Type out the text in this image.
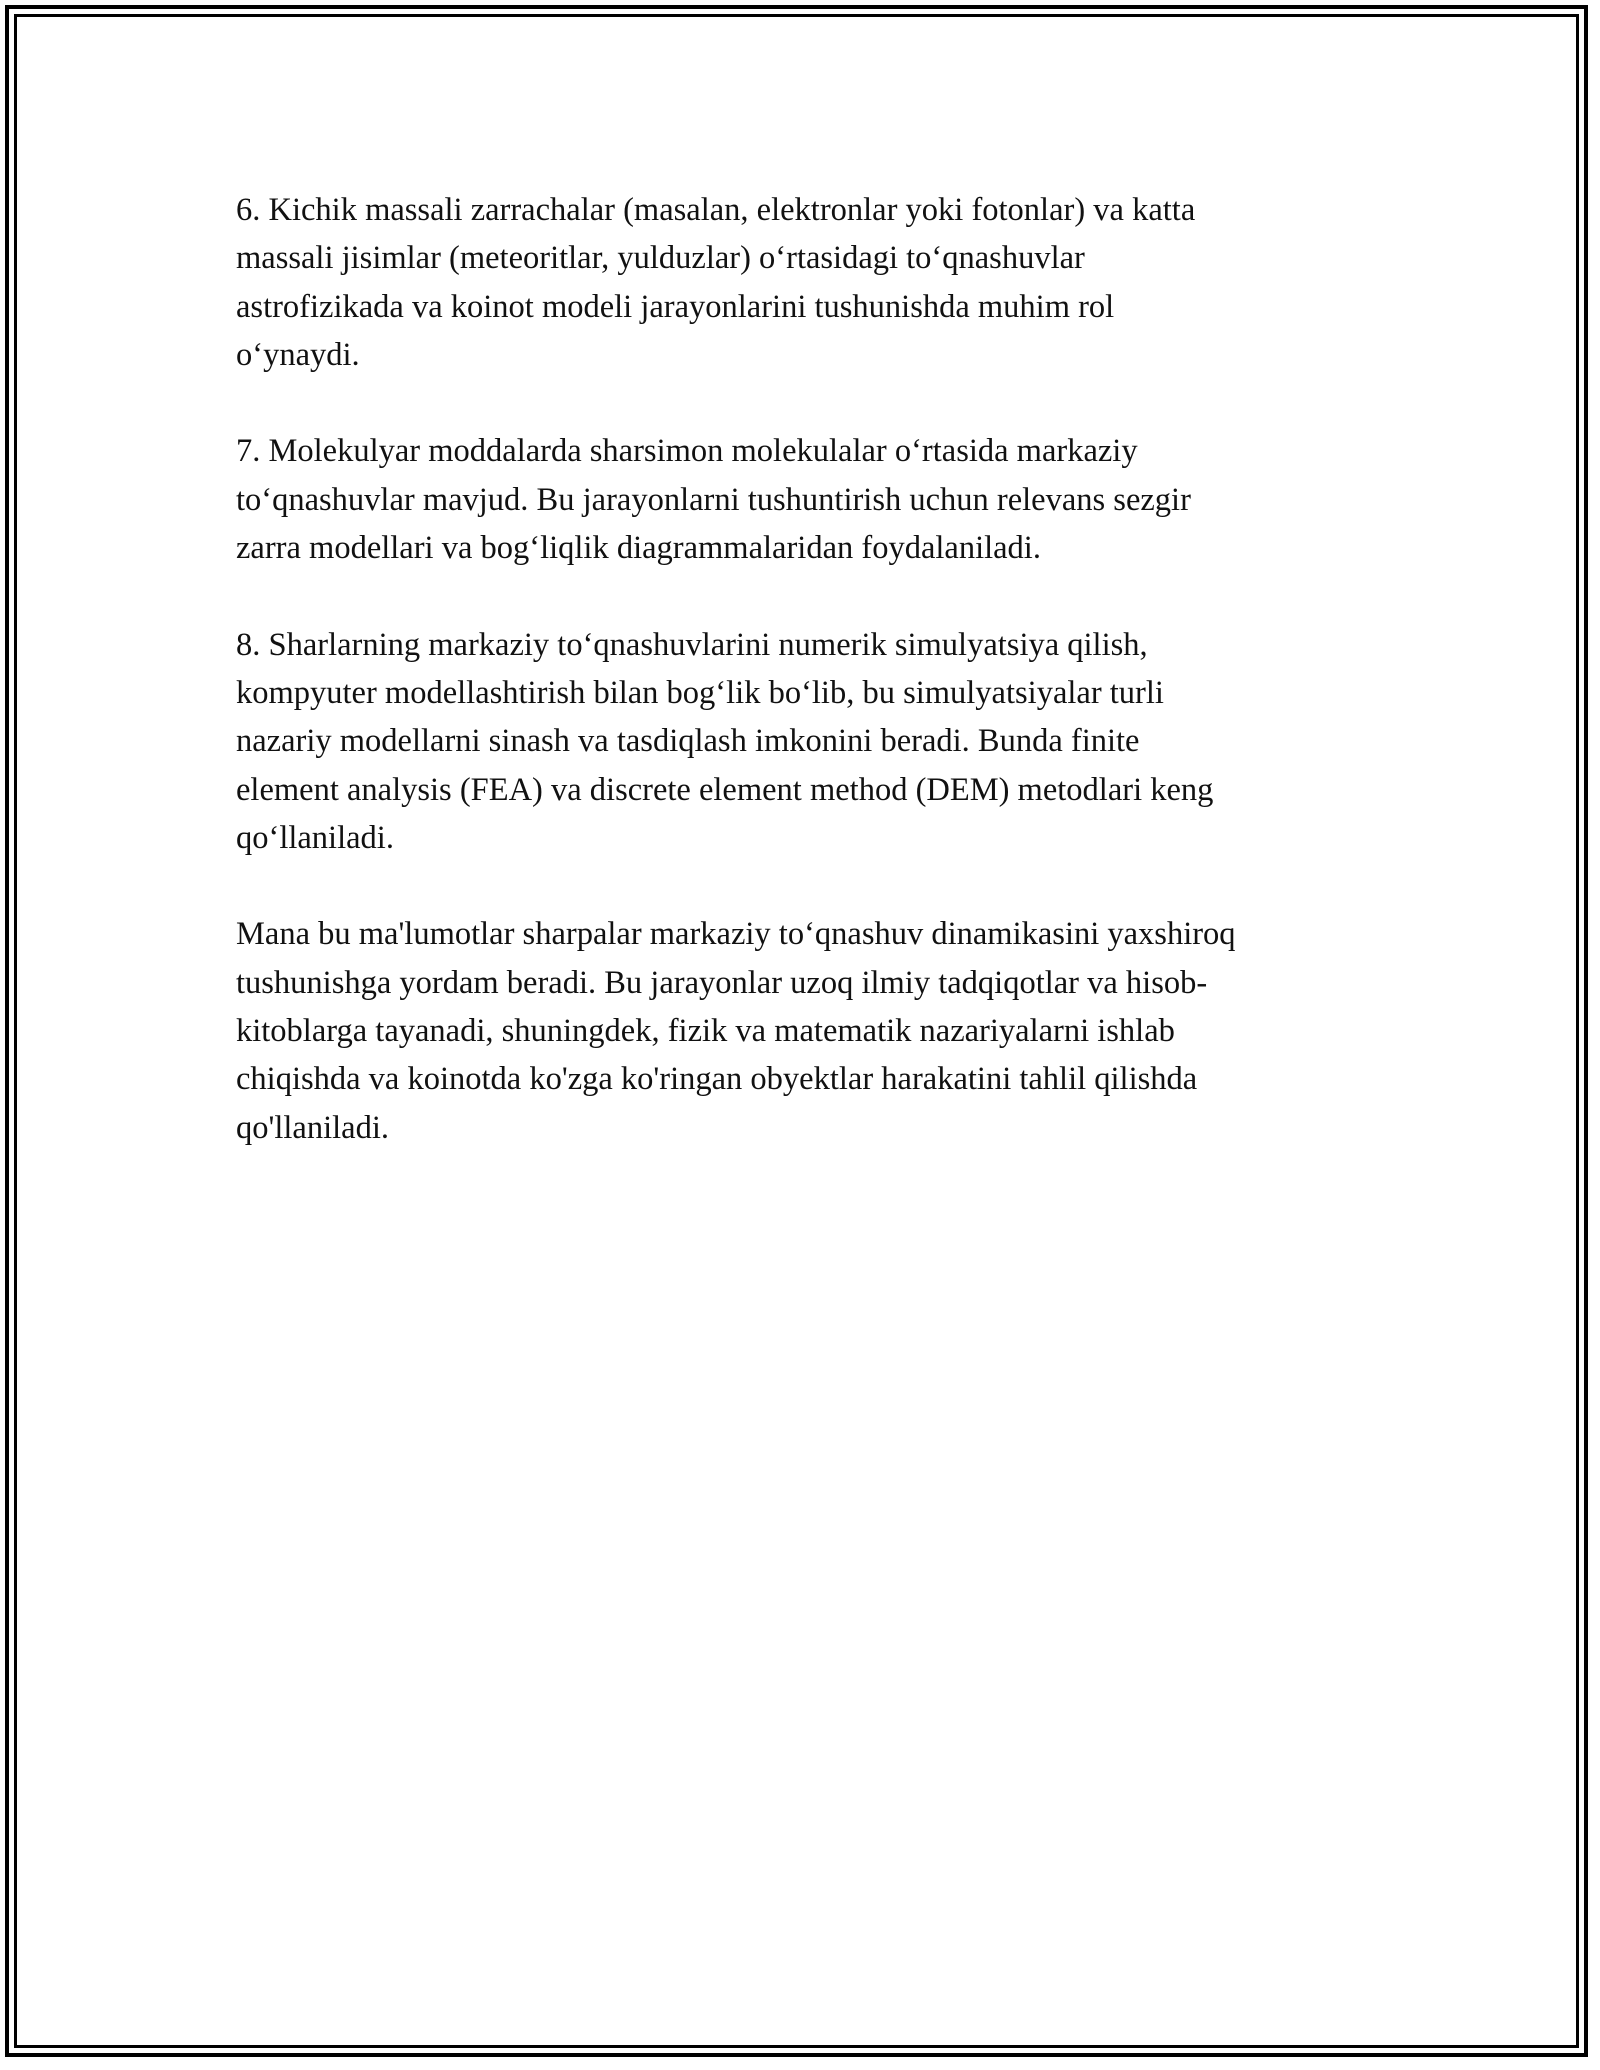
6. Kichik massali zarrachalar (masalan, elektronlar yoki fotonlar) va katta
massali jisimlar (meteoritlar, yulduzlar) o‘rtasidagi to‘qnashuvlar
astrofizikada va koinot modeli jarayonlarini tushunishda muhim rol
o‘ynaydi.

7. Molekulyar moddalarda sharsimon molekulalar o‘rtasida markaziy
to‘qnashuvlar mavjud. Bu jarayonlarni tushuntirish uchun relevans sezgir
zarra modellari va bog‘liqlik diagrammalaridan foydalaniladi.

8. Sharlarning markaziy to‘qnashuvlarini numerik simulyatsiya qilish,
kompyuter modellashtirish bilan bog‘lik bo‘lib, bu simulyatsiyalar turli
nazariy modellarni sinash va tasdiqlash imkonini beradi. Bunda finite
element analysis (FEA) va discrete element method (DEM) metodlari keng
qo‘llaniladi.

Mana bu ma'lumotlar sharpalar markaziy to‘qnashuv dinamikasini yaxshiroq
tushunishga yordam beradi. Bu jarayonlar uzoq ilmiy tadqiqotlar va hisob-
kitoblarga tayanadi, shuningdek, fizik va matematik nazariyalarni ishlab
chiqishda va koinotda ko'zga ko'ringan obyektlar harakatini tahlil qilishda
qo'llaniladi.
